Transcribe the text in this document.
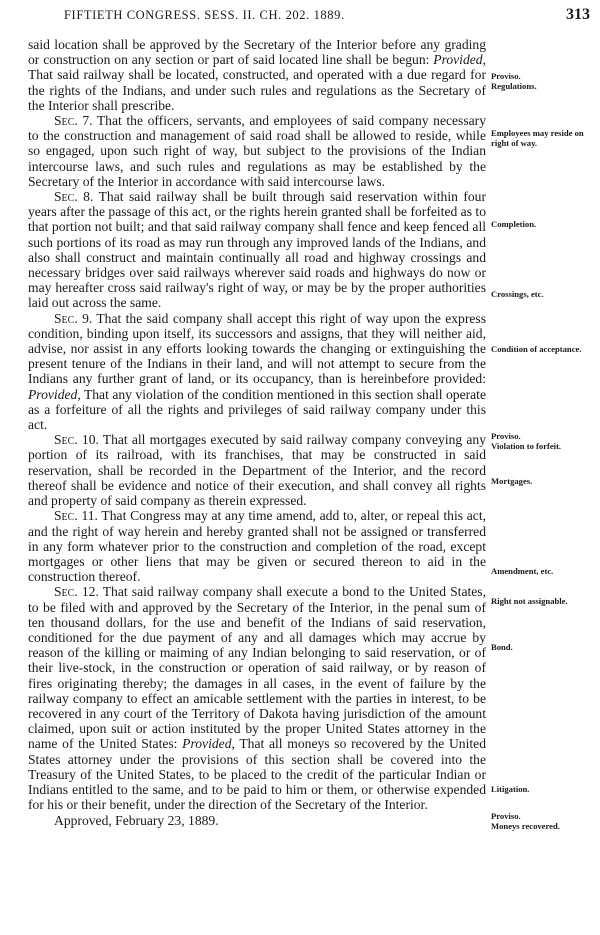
FIFTIETH CONGRESS. SESS. II. CH. 202. 1889.	313

said location shall be approved by the Secretary of the Interior before any grading or construction on any section or part of said located line shall be begun: Provided, That said railway shall be located, constructed, and operated with a due regard for the rights of the Indians, and under such rules and regulations as the Secretary of the Interior shall prescribe.

Sec. 7. That the officers, servants, and employees of said company necessary to the construction and management of said road shall be allowed to reside, while so engaged, upon such right of way, but subject to the provisions of the Indian intercourse laws, and such rules and regulations as may be established by the Secretary of the Interior in accordance with said intercourse laws.

Sec. 8. That said railway shall be built through said reservation within four years after the passage of this act, or the rights herein granted shall be forfeited as to that portion not built; and that said railway company shall fence and keep fenced all such portions of its road as may run through any improved lands of the Indians, and also shall construct and maintain continually all road and highway crossings and necessary bridges over said railways wherever said roads and highways do now or may hereafter cross said railway's right of way, or may be by the proper authorities laid out across the same.

Sec. 9. That the said company shall accept this right of way upon the express condition, binding upon itself, its successors and assigns, that they will neither aid, advise, nor assist in any efforts looking towards the changing or extinguishing the present tenure of the Indians in their land, and will not attempt to secure from the Indians any further grant of land, or its occupancy, than is hereinbefore provided: Provided, That any violation of the condition mentioned in this section shall operate as a forfeiture of all the rights and privileges of said railway company under this act.

Sec. 10. That all mortgages executed by said railway company conveying any portion of its railroad, with its franchises, that may be constructed in said reservation, shall be recorded in the Department of the Interior, and the record thereof shall be evidence and notice of their execution, and shall convey all rights and property of said company as therein expressed.

Sec. 11. That Congress may at any time amend, add to, alter, or repeal this act, and the right of way herein and hereby granted shall not be assigned or transferred in any form whatever prior to the construction and completion of the road, except mortgages or other liens that may be given or secured thereon to aid in the construction thereof.

Sec. 12. That said railway company shall execute a bond to the United States, to be filed with and approved by the Secretary of the Interior, in the penal sum of ten thousand dollars, for the use and benefit of the Indians of said reservation, conditioned for the due payment of any and all damages which may accrue by reason of the killing or maiming of any Indian belonging to said reservation, or of their live-stock, in the construction or operation of said railway, or by reason of fires originating thereby; the damages in all cases, in the event of failure by the railway company to effect an amicable settlement with the parties in interest, to be recovered in any court of the Territory of Dakota having jurisdiction of the amount claimed, upon suit or action instituted by the proper United States attorney in the name of the United States: Provided, That all moneys so recovered by the United States attorney under the provisions of this section shall be covered into the Treasury of the United States, to be placed to the credit of the particular Indian or Indians entitled to the same, and to be paid to him or them, or otherwise expended for his or their benefit, under the direction of the Secretary of the Interior.

Approved, February 23, 1889.

Proviso.
Regulations.
Employees may reside on right of way.
Completion.
Crossings, etc.
Condition of acceptance.
Proviso.
Violation to forfeit.
Mortgages.
Amendment, etc.
Right not assignable.
Bond.
Litigation.
Proviso.
Moneys recovered.
